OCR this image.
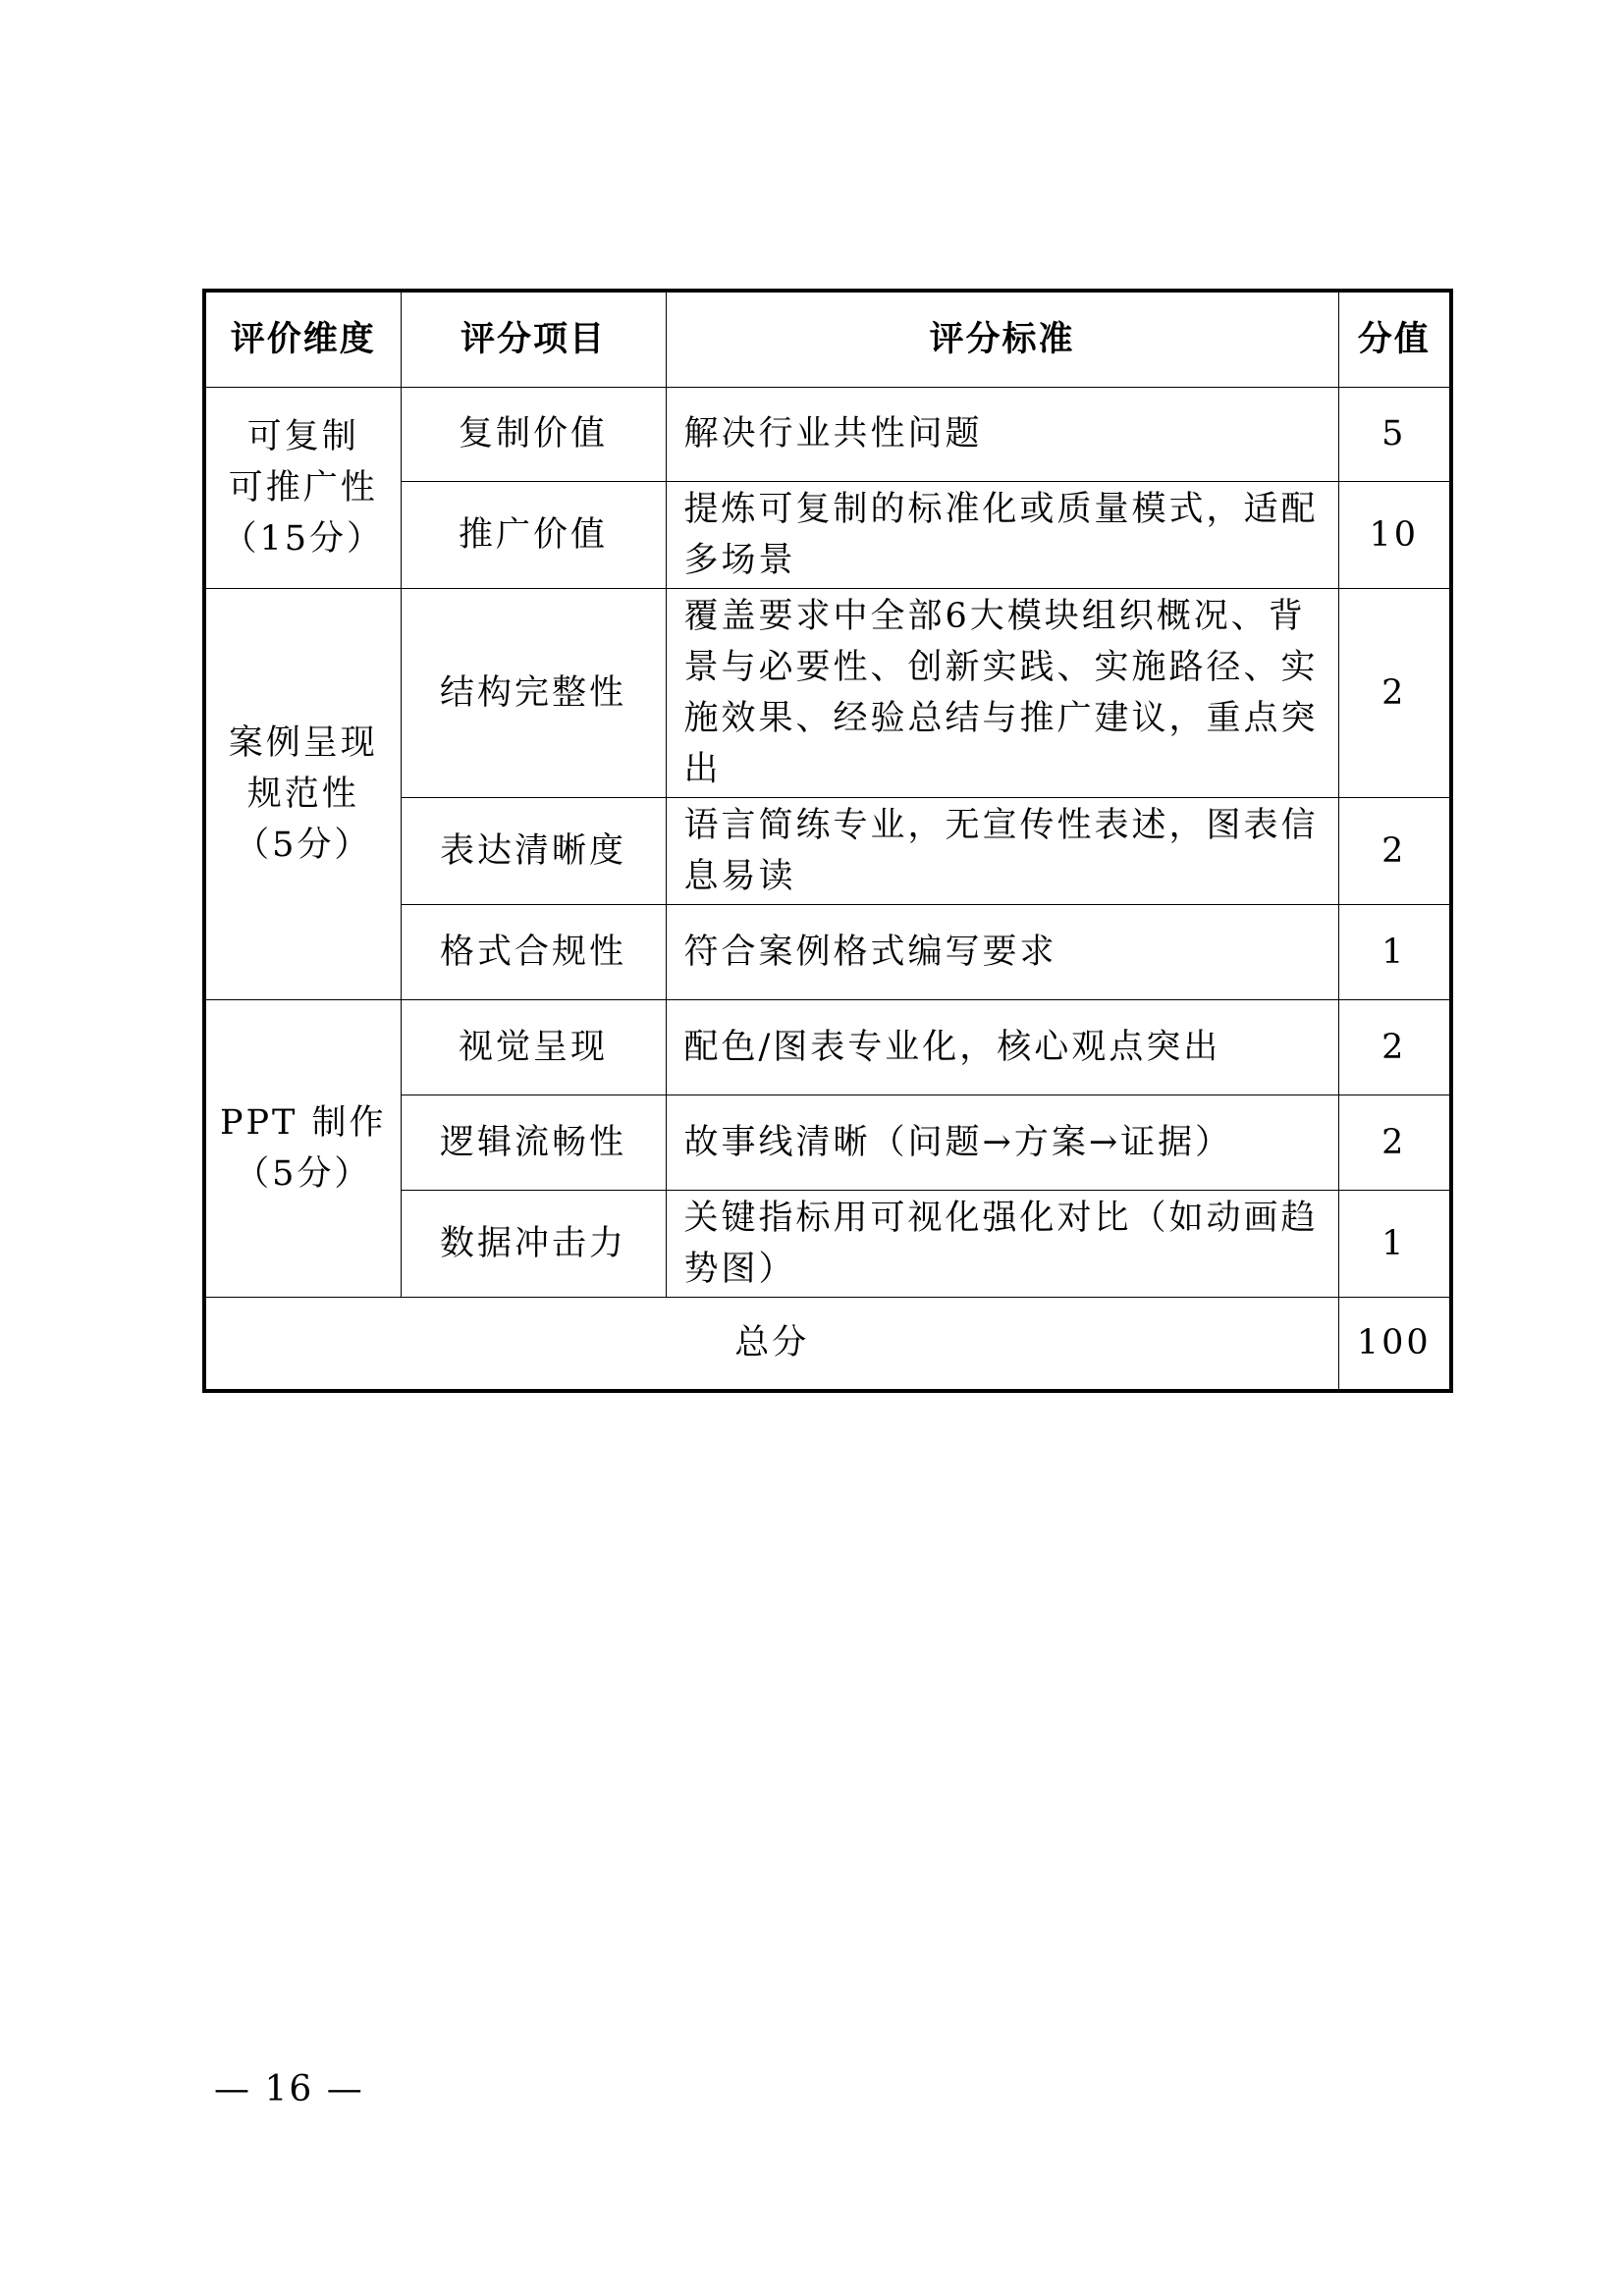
评价维度	评分项目	评分标准	分值

可复制
可推广性
（15分）	复制价值	解决行业共性问题	5
	推广价值	提炼可复制的标准化或质量模式，适配多场景	10

案例呈现
规范性
（5分）	结构完整性	覆盖要求中全部6大模块组织概况、背景与必要性、创新实践、实施路径、实施效果、经验总结与推广建议，重点突出	2
	表达清晰度	语言简练专业，无宣传性表述，图表信息易读	2
	格式合规性	符合案例格式编写要求	1

PPT 制作
（5分）	视觉呈现	配色/图表专业化，核心观点突出	2
	逻辑流畅性	故事线清晰（问题→方案→证据）	2
	数据冲击力	关键指标用可视化强化对比（如动画趋势图）	1
总分			100
— 16 —
